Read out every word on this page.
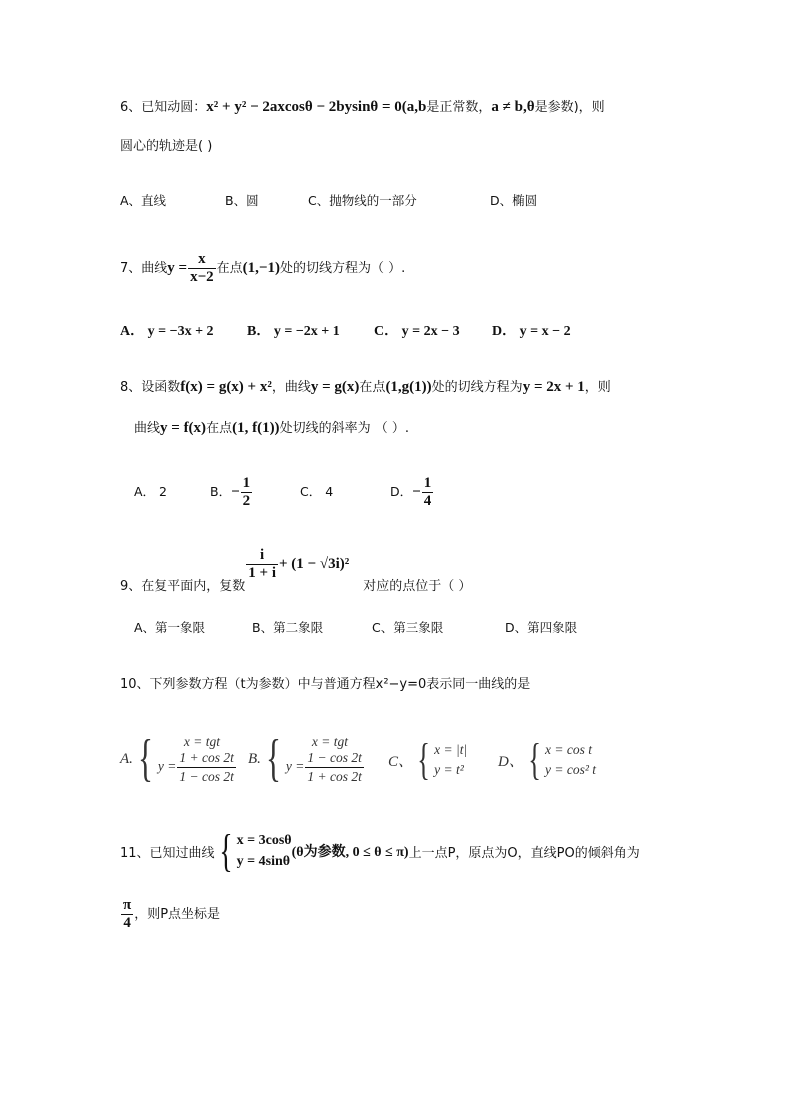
6、已知动圆：x² + y² − 2axcosθ − 2bysinθ = 0(a,b是正常数，a ≠ b,θ是参数)，则
圆心的轨迹是( )
A、直线	B、圆	C、抛物线的一部分	D、椭圆
7、曲线$y = \frac{x}{x-2}$ 在点(1,−1)处的切线方程为（ ）.
A． y = −3x + 2 B． y = −2x + 1 C． y = 2x − 3 D． y = x − 2
8、设函数f(x) = g(x) + x²，曲线y = g(x)在点(1,g(1))处的切线方程为y = 2x + 1，则
曲线y = f(x)在点(1, f(1))处切线的斜率为 （ ）.
A． 2	B．− $\frac{1}{2}$	C． 4	D．− $\frac{1}{4}$
9、在复平面内，复数
$\frac{i}{1 + i} + (1 - √3i)^2$对应的点位于（ ）
A、第一象限	B、第二象限	C、第三象限	D、第四象限
10、下列参数方程（t为参数）中与普通方程x²−y=0表示同一曲线的是
A. {	x = tgt
$y = \frac{1 + \cos 2t}{1 - \cos 2t} B$. {	x = tgt
$y = \frac{1 - \cos 2t}{1 + \cos 2t}$ C、 { x = |t|
y = t² D、 { x = cos t
y = cos² t
11、已知过曲线 { x = 3cosθ
y = 4sinθ
(θ为参数, 0 ≤ θ ≤ π) 上一点P，原点为O，直线PO的倾斜角为
$\frac{\pi}{4}$ ，则P点坐标是
